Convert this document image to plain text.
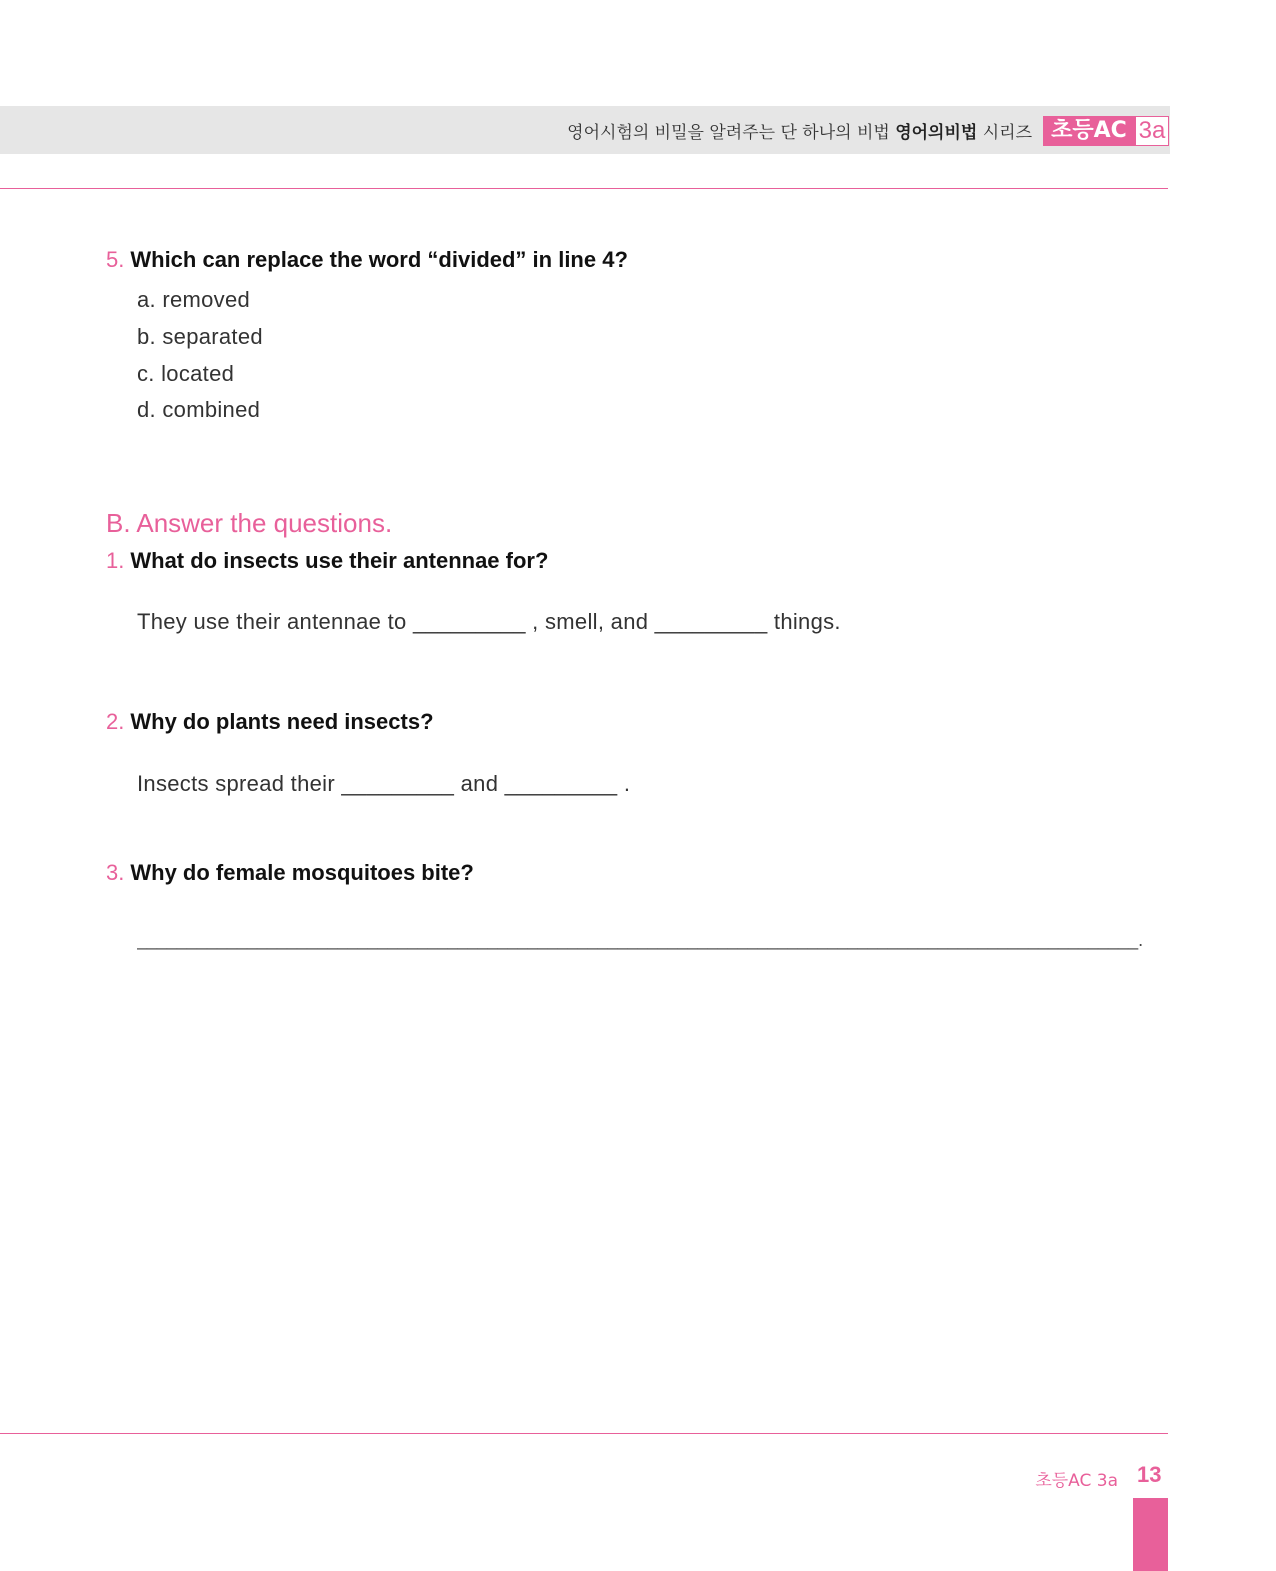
영어시험의 비밀을 알려주는 단 하나의 비법 영어의비법 시리즈 초등AC 3a
5. Which can replace the word “divided” in line 4?
a. removed
b. separated
c. located
d. combined
B. Answer the questions.
1. What do insects use their antennae for?
They use their antennae to _________ , smell, and _________ things.
2. Why do plants need insects?
Insects spread their _________ and _________ .
3. Why do female mosquitoes bite?
____________________________________________________________________________________________________.
초등AC 3a 13
